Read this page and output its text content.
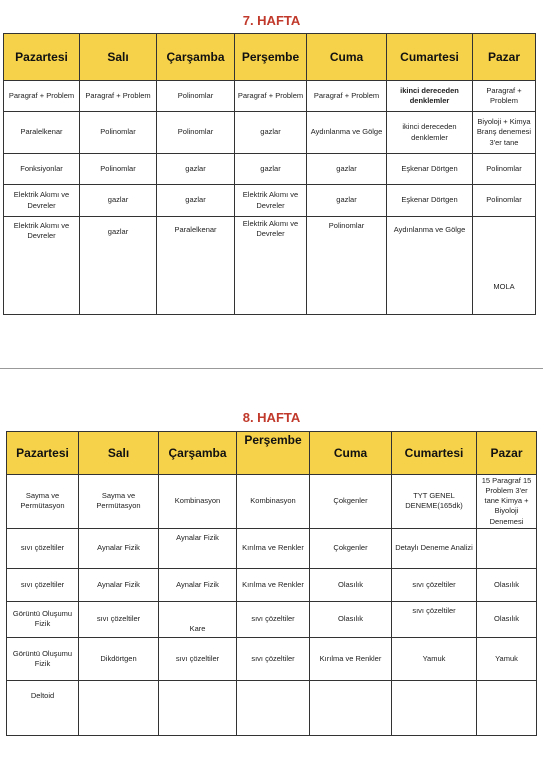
7. HAFTA
Pazartesi	Salı	Çarşamba	Perşembe	Cuma	Cumartesi	Pazar
Paragraf + Problem	Paragraf + Problem	Polinomlar	Paragraf + Problem	Paragraf + Problem	ikinci dereceden denklemler	Paragraf + Problem
Paralelkenar	Polinomlar	Polinomlar	gazlar	Aydınlanma ve Gölge	ikinci dereceden denklemler	Biyoloji + Kimya Branş denemesi 3'er tane
Fonksiyonlar	Polinomlar	gazlar	gazlar	gazlar	Eşkenar Dörtgen	Polinomlar
Elektrik Akımı ve Devreler	gazlar	gazlar	Elektrik Akımı ve Devreler	gazlar	Eşkenar Dörtgen	Polinomlar
Elektrik Akımı ve Devreler	gazlar	Paralelkenar	Elektrik Akımı ve Devreler	Polinomlar	Aydınlanma ve Gölge	MOLA
8. HAFTA
Pazartesi	Salı	Çarşamba	Perşembe	Cuma	Cumartesi	Pazar
Sayma ve Permütasyon	Sayma ve Permütasyon	Kombinasyon	Kombinasyon	Çokgenler	TYT GENEL DENEME(165dk)	15 Paragraf 15 Problem 3'er tane Kimya + Biyoloji Denemesi
sıvı çözeltiler	Aynalar Fizik	Aynalar Fizik	Kırılma ve Renkler	Çokgenler	Detaylı Deneme Analizi	
sıvı çözeltiler	Aynalar Fizik	Aynalar Fizik	Kırılma ve Renkler	Olasılık	sıvı çözeltiler	Olasılık
Görüntü Oluşumu Fizik	sıvı çözeltiler	Kare	sıvı çözeltiler	Olasılık	sıvı çözeltiler	Olasılık
Görüntü Oluşumu Fizik	Dikdörtgen	sıvı çözeltiler	sıvı çözeltiler	Kırılma ve Renkler	Yamuk	Yamuk
Deltoid						
